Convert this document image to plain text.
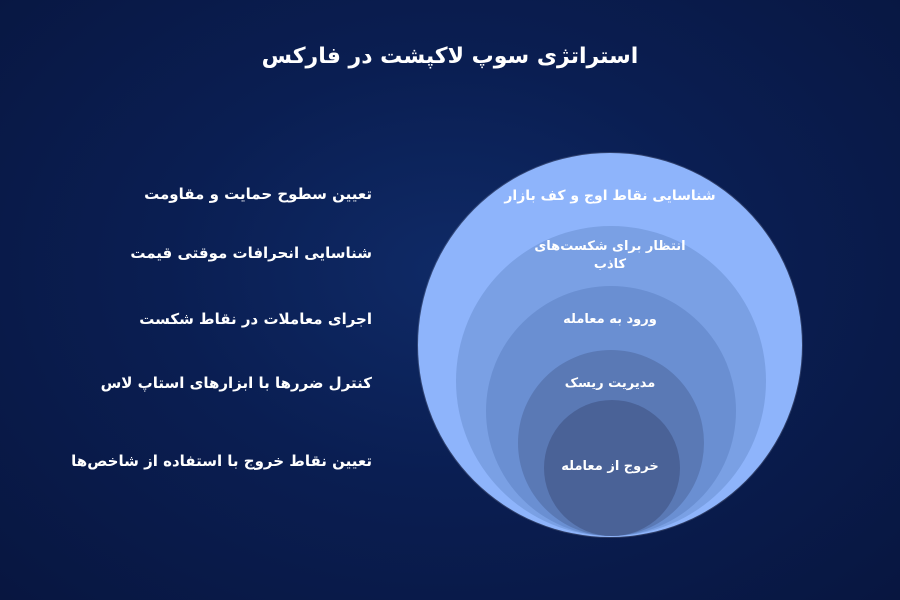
استراتژی سوپ لاکپشت در فارکس
شناسایی نقاط اوج و کف بازار
انتظار برای شکست‌های کاذب
ورود به معامله
مدیریت ریسک
خروج از معامله
تعیین سطوح حمایت و مقاومت
شناسایی انحرافات موقتی قیمت
اجرای معاملات در نقاط شکست
کنترل ضررها با ابزارهای استاپ لاس
تعیین نقاط خروج با استفاده از شاخص‌ها
